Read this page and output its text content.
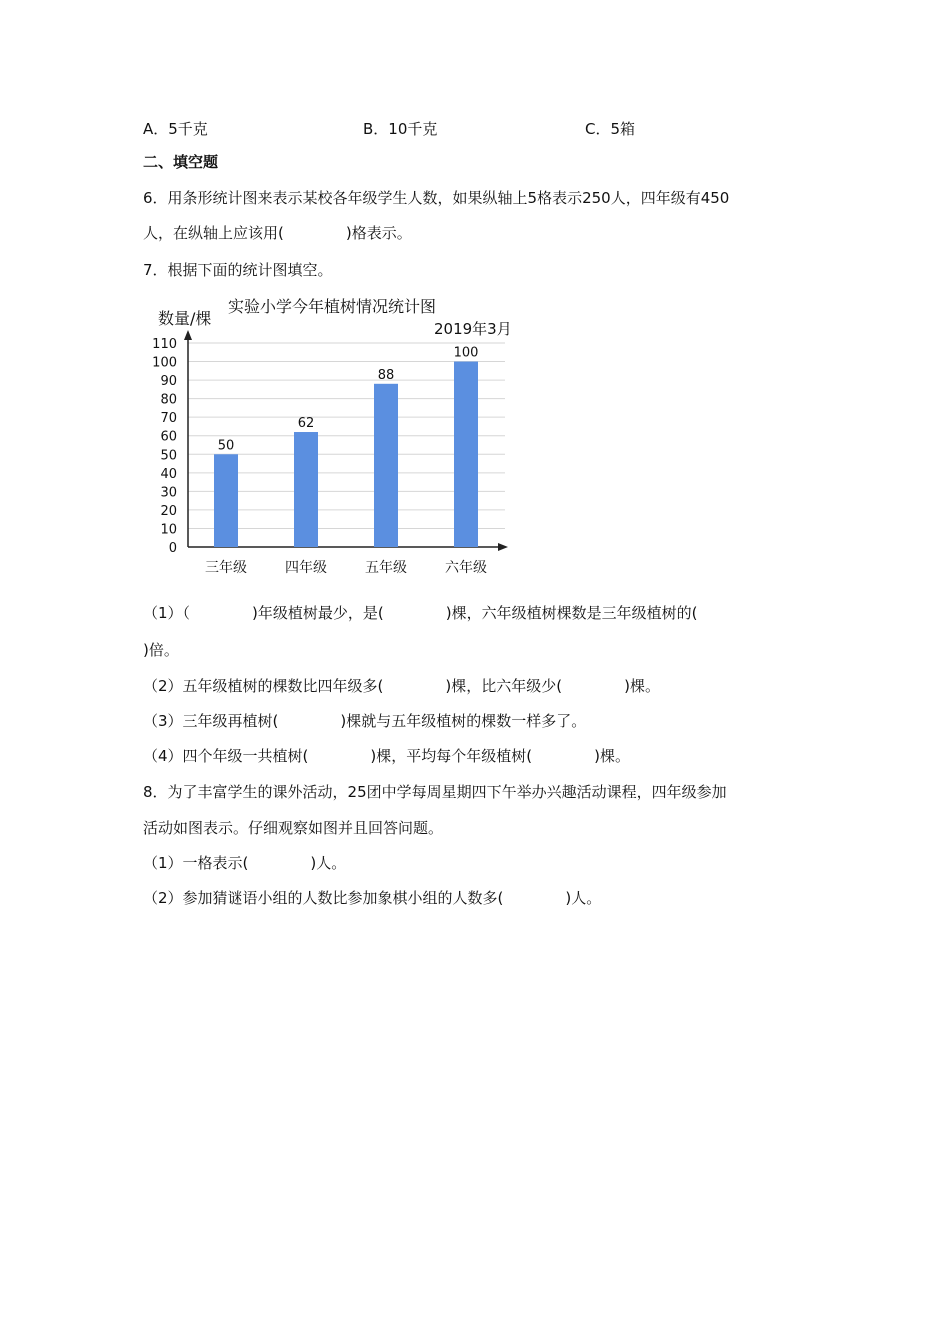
A．5千克	B．10千克	C．5箱
二、填空题
6．用条形统计图来表示某校各年级学生人数，如果纵轴上5格表示250人，四年级有450
人，在纵轴上应该用(	)格表示。
7．根据下面的统计图填空。
数量/棵
实验小学今年植树情况统计图
2019年3月
0
10
20
30
40
50
60
70
80
90
100
110
50
62
88
100
三年级	四年级	五年级	六年级
（1）（	)年级植树最少，是(	)棵，六年级植树棵数是三年级植树的(
)倍。
（2）五年级植树的棵数比四年级多(	)棵，比六年级少(	)棵。
（3）三年级再植树(	)棵就与五年级植树的棵数一样多了。
（4）四个年级一共植树(	)棵，平均每个年级植树(	)棵。
8．为了丰富学生的课外活动，25团中学每周星期四下午举办兴趣活动课程，四年级参加
活动如图表示。仔细观察如图并且回答问题。
（1）一格表示(	)人。
（2）参加猜谜语小组的人数比参加象棋小组的人数多(	)人。
